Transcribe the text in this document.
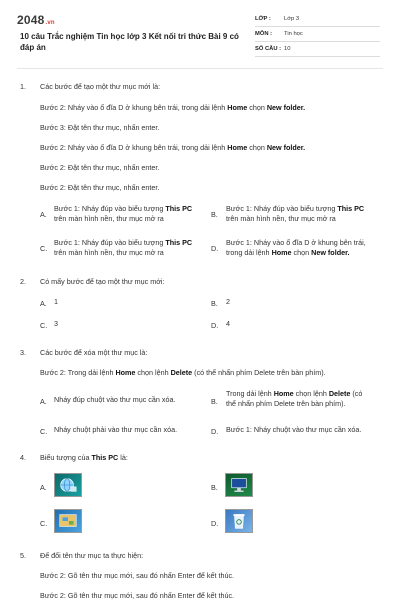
2048.vn
10 câu Trắc nghiệm Tin học lớp 3 Kết nối tri thức Bài 9 có đáp án
LỚP :	Lớp 3
MÔN :	Tin học
SỐ CÂU : 10
1. Các bước để tạo một thư mục mới là:
Bước 2: Nháy vào ổ đĩa D ở khung bên trái, trong dải lệnh Home chọn New folder.
Bước 3: Đặt tên thư mục, nhấn enter.
Bước 2: Nháy vào ổ đĩa D ở khung bên trái, trong dải lệnh Home chọn New folder.
Bước 2: Đặt tên thư mục, nhấn enter.
Bước 2: Đặt tên thư mục, nhấn enter.
A.
Bước 1: Nháy đúp vào biểu tượng This PC
trên màn hình nền, thư mục mở ra	B.
Bước 1: Nháy đúp vào biểu tượng This PC
trên màn hình nền, thư mục mở ra
C.
Bước 1: Nháy đúp vào biểu tượng This PC
trên màn hình nền, thư mục mở ra	D.
Bước 1: Nháy vào ổ đĩa D ở khung bên trái,
trong dải lệnh Home chọn New folder.
2. Có mấy bước để tạo một thư mục mới:
A. 1	B. 2
C. 3	D. 4
3. Các bước để xóa một thư mục là:
Bước 2: Trong dải lệnh Home chọn lệnh Delete (có thể nhấn phím Delete trên bàn phím).
A. Nháy đúp chuột vào thư mục cần xóa.	B.
Trong dải lệnh Home chọn lệnh Delete (có
thể nhấn phím Delete trên bàn phím).
C. Nháy chuột phải vào thư mục cần xóa.	D. Bước 1: Nháy chuột vào thư mục cần xóa.
4. Biểu tượng của This PC là:
A.	B.
C.	D.
5. Để đổi tên thư mục ta thực hiện:
Bước 2: Gõ tên thư mục mới, sau đó nhấn Enter để kết thúc.
Bước 2: Gõ tên thư mục mới, sau đó nhấn Enter để kết thúc.
